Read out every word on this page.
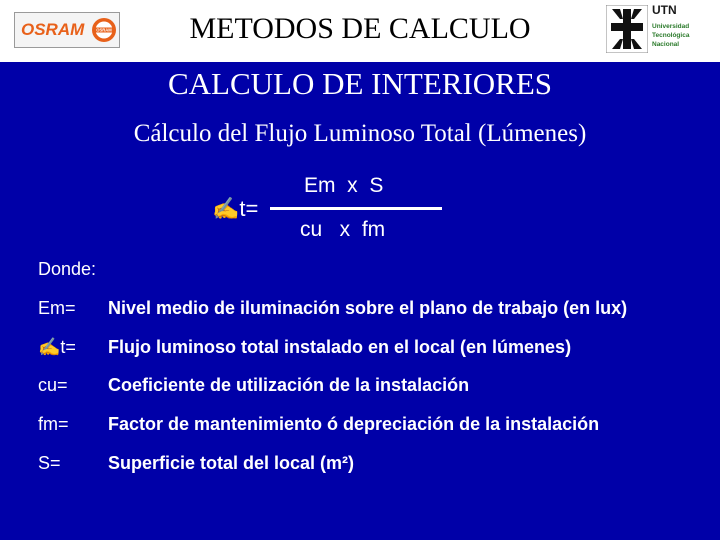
OSRAM	OSRAM	METODOS DE CALCULO
UTN
Universidad
Tecnológica
Nacional
CALCULO DE INTERIORES
Cálculo del Flujo Luminoso Total (Lúmenes)
✍t=
Em  x  S
cu   x  fm
Donde:
Em= Nivel medio de iluminación sobre el plano de trabajo (en lux)
✍t= Flujo luminoso total instalado en el local (en lúmenes)
cu= Coeficiente de utilización de la instalación
fm= Factor de mantenimiento ó depreciación de la instalación
S=	Superficie total del local (m²)
